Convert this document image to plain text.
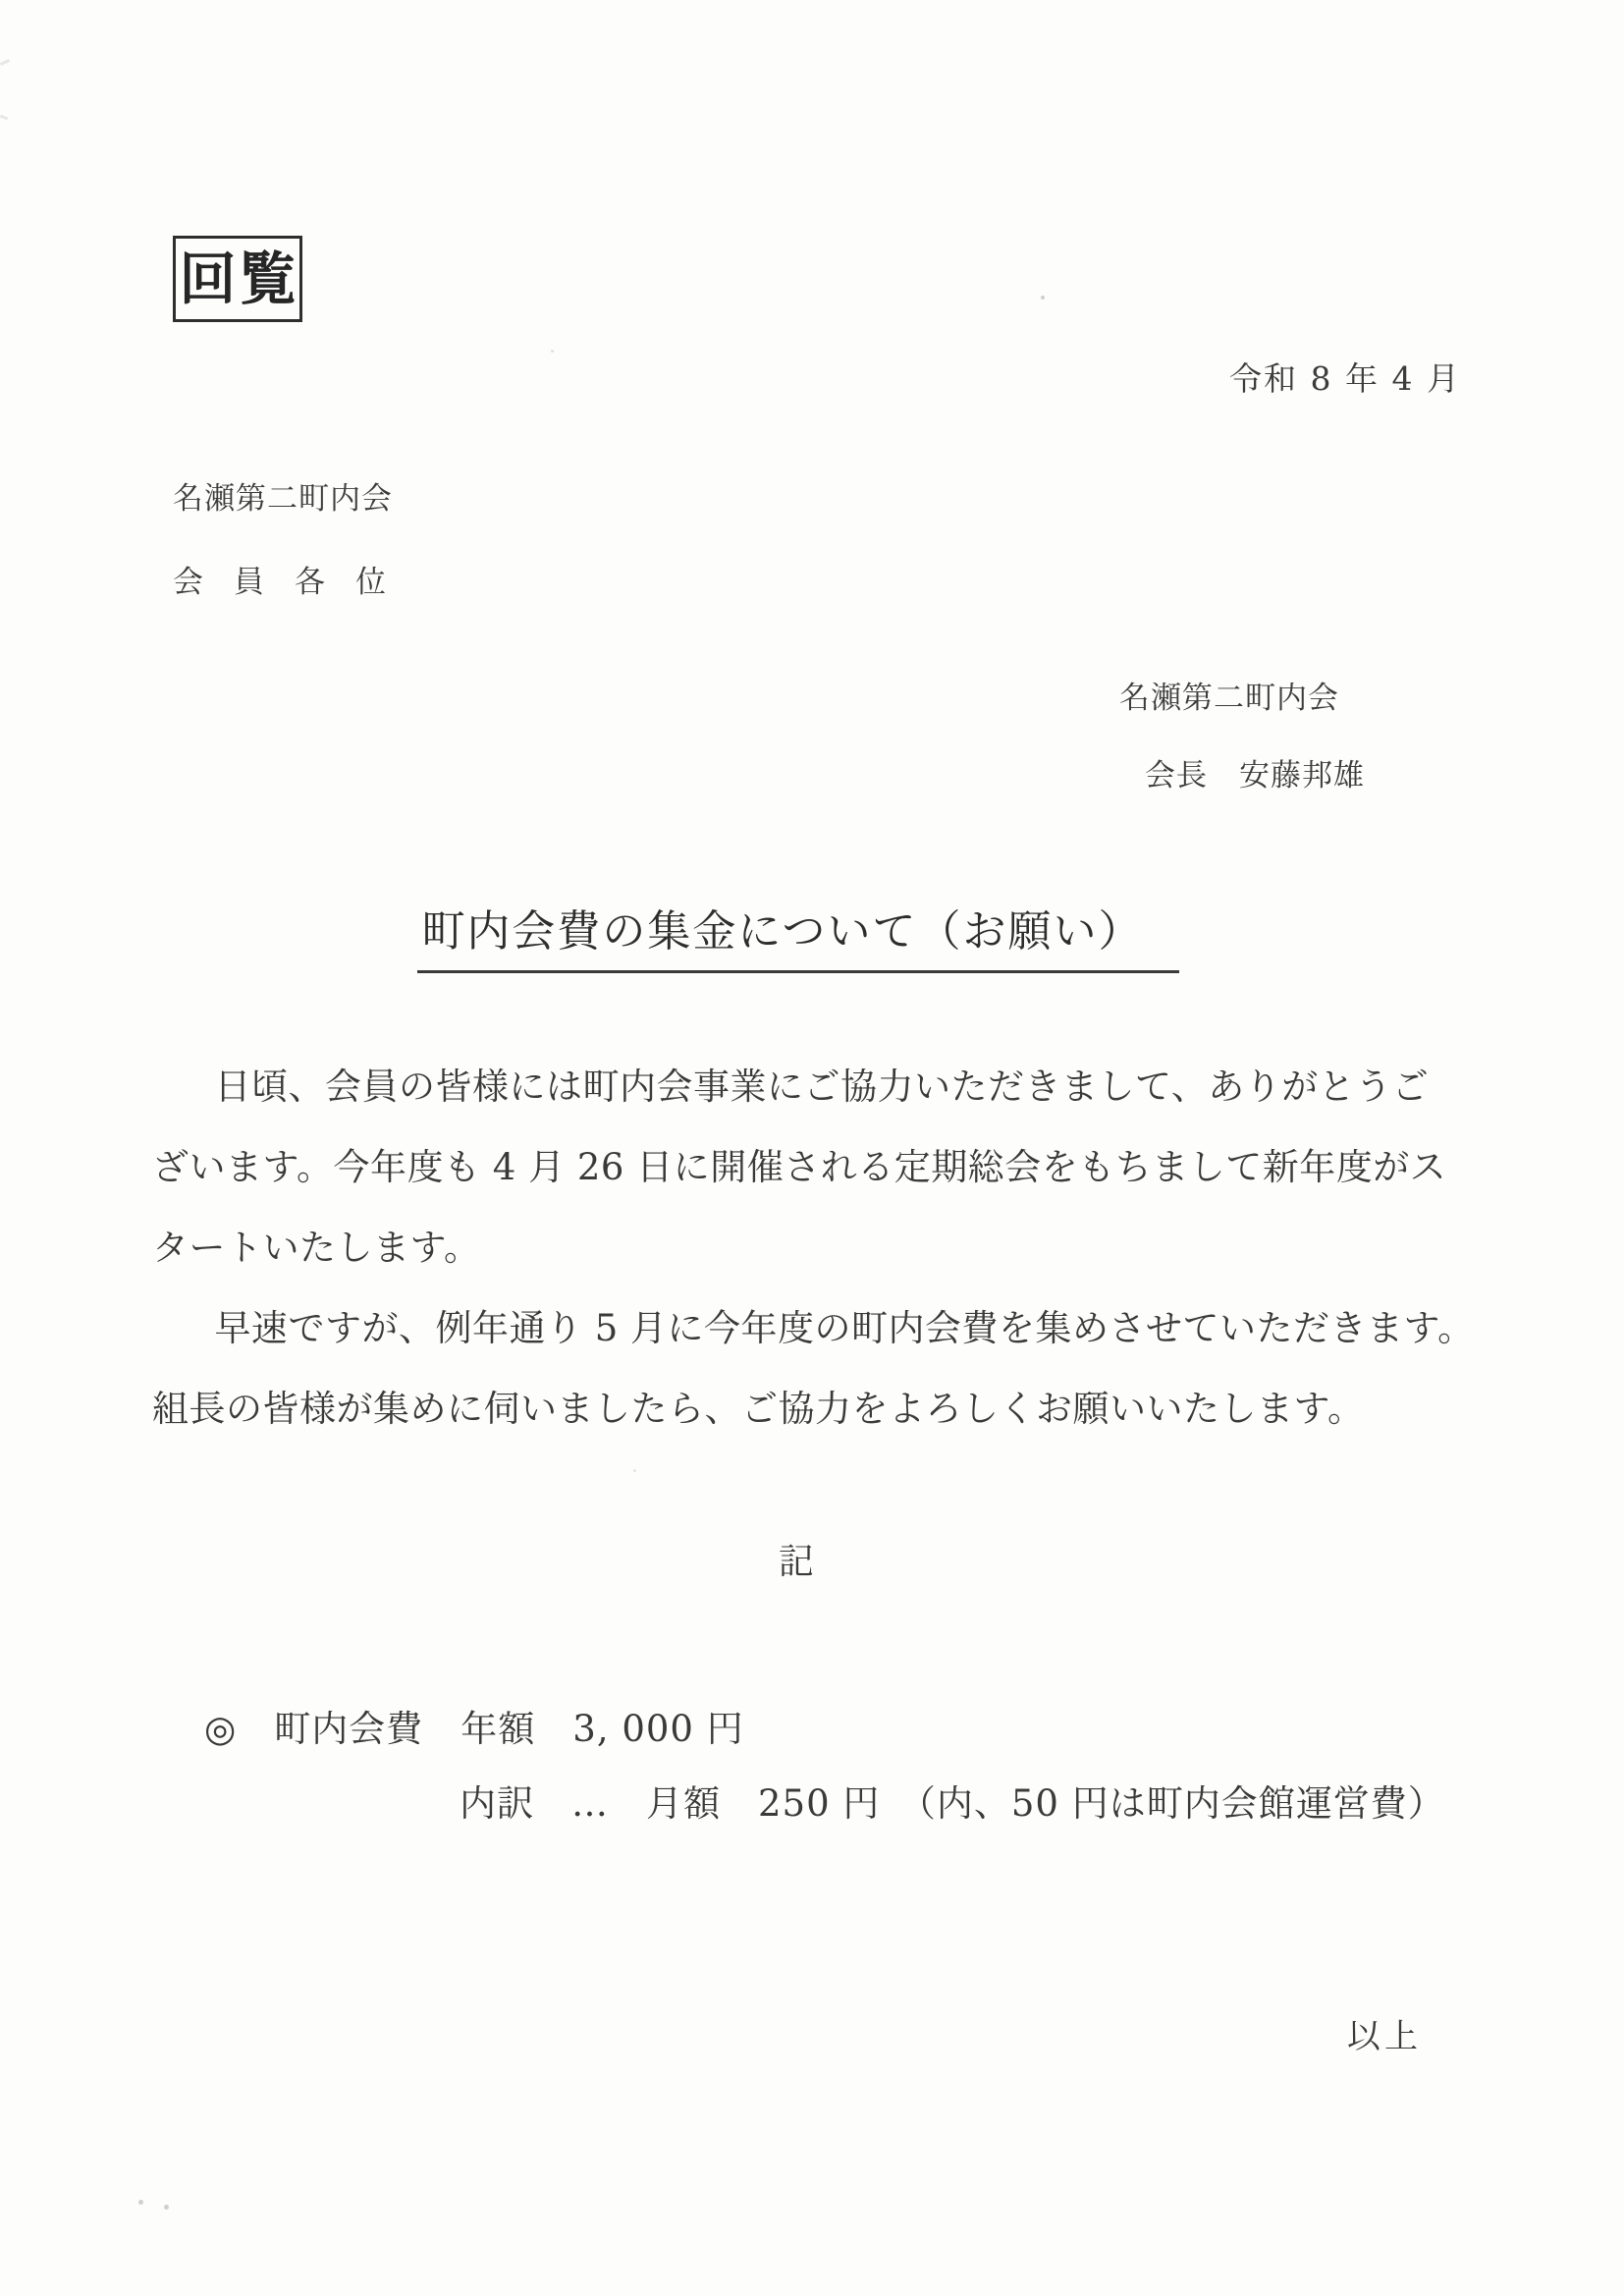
回覧
令和 8 年 4 月
名瀬第二町内会
会　員　各　位
名瀬第二町内会
会長　安藤邦雄
町内会費の集金について（お願い）
　日頃、会員の皆様には町内会事業にご協力いただきまして、ありがとうご
ざいます。今年度も 4 月 26 日に開催される定期総会をもちまして新年度がス
タートいたします。
　早速ですが、例年通り 5 月に今年度の町内会費を集めさせていただきます。
組長の皆様が集めに伺いましたら、ご協力をよろしくお願いいたします。
記
◎　町内会費　年額　3, 000 円
内訳　…　月額　250 円　（内、50 円は町内会館運営費）
以上
